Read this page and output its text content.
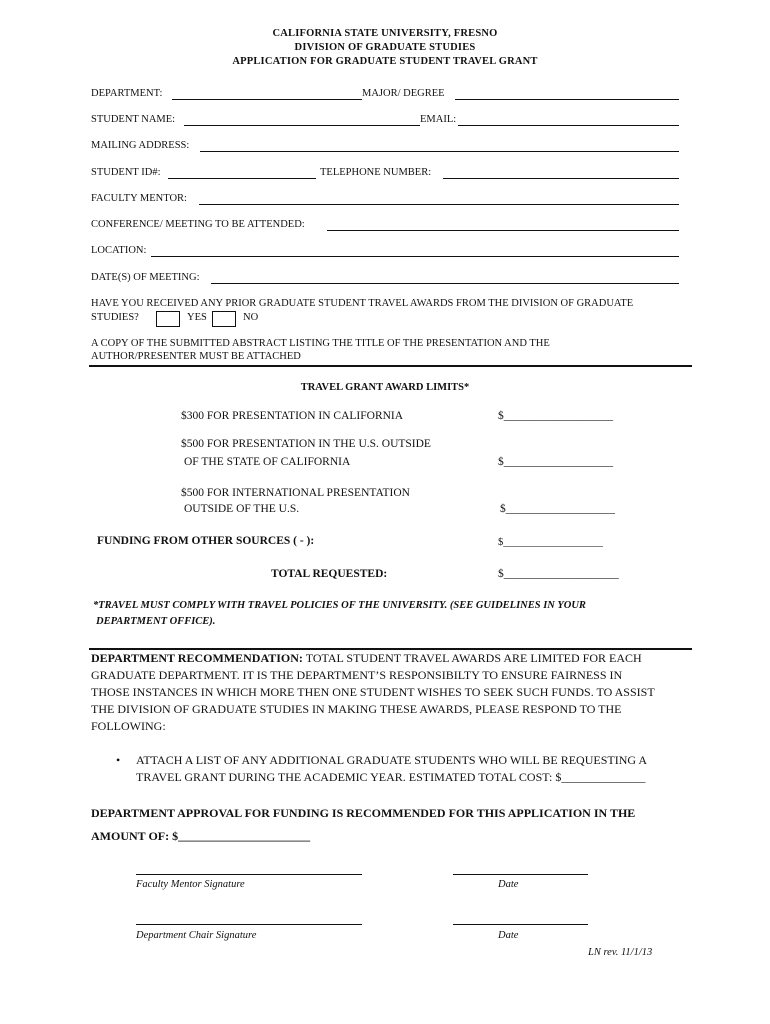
CALIFORNIA STATE UNIVERSITY, FRESNO
DIVISION OF GRADUATE STUDIES
APPLICATION FOR GRADUATE STUDENT TRAVEL GRANT
DEPARTMENT:	MAJOR/ DEGREE
STUDENT NAME:	EMAIL:
MAILING ADDRESS:
STUDENT ID#:	TELEPHONE NUMBER:
FACULTY MENTOR:
CONFERENCE/ MEETING TO BE ATTENDED:
LOCATION:
DATE(S) OF MEETING:
HAVE YOU RECEIVED ANY PRIOR GRADUATE STUDENT TRAVEL AWARDS FROM THE DIVISION OF GRADUATE
STUDIES?	YES	NO
A COPY OF THE SUBMITTED ABSTRACT LISTING THE TITLE OF THE PRESENTATION AND THE
AUTHOR/PRESENTER MUST BE ATTACHED
TRAVEL GRANT AWARD LIMITS*
$300 FOR PRESENTATION IN CALIFORNIA	$___________________
$500 FOR PRESENTATION IN THE U.S. OUTSIDE
OF THE STATE OF CALIFORNIA	$___________________
$500 FOR INTERNATIONAL PRESENTATION
OUTSIDE OF THE U.S.	$___________________
FUNDING FROM OTHER SOURCES ( - ):	$___________________
TOTAL REQUESTED:	$____________________
*TRAVEL MUST COMPLY WITH TRAVEL POLICIES OF THE UNIVERSITY. (SEE GUIDELINES IN YOUR
DEPARTMENT OFFICE).
DEPARTMENT RECOMMENDATION: TOTAL STUDENT TRAVEL AWARDS ARE LIMITED FOR EACH
GRADUATE DEPARTMENT. IT IS THE DEPARTMENT’S RESPONSIBILTY TO ENSURE FAIRNESS IN
THOSE INSTANCES IN WHICH MORE THEN ONE STUDENT WISHES TO SEEK SUCH FUNDS. TO ASSIST
THE DIVISION OF GRADUATE STUDIES IN MAKING THESE AWARDS, PLEASE RESPOND TO THE
FOLLOWING:
• ATTACH A LIST OF ANY ADDITIONAL GRADUATE STUDENTS WHO WILL BE REQUESTING A
TRAVEL GRANT DURING THE ACADEMIC YEAR. ESTIMATED TOTAL COST: $______________
DEPARTMENT APPROVAL FOR FUNDING IS RECOMMENDED FOR THIS APPLICATION IN THE
AMOUNT OF: $______________________
Faculty Mentor Signature	Date
Department Chair Signature	Date
LN rev. 11/1/13
